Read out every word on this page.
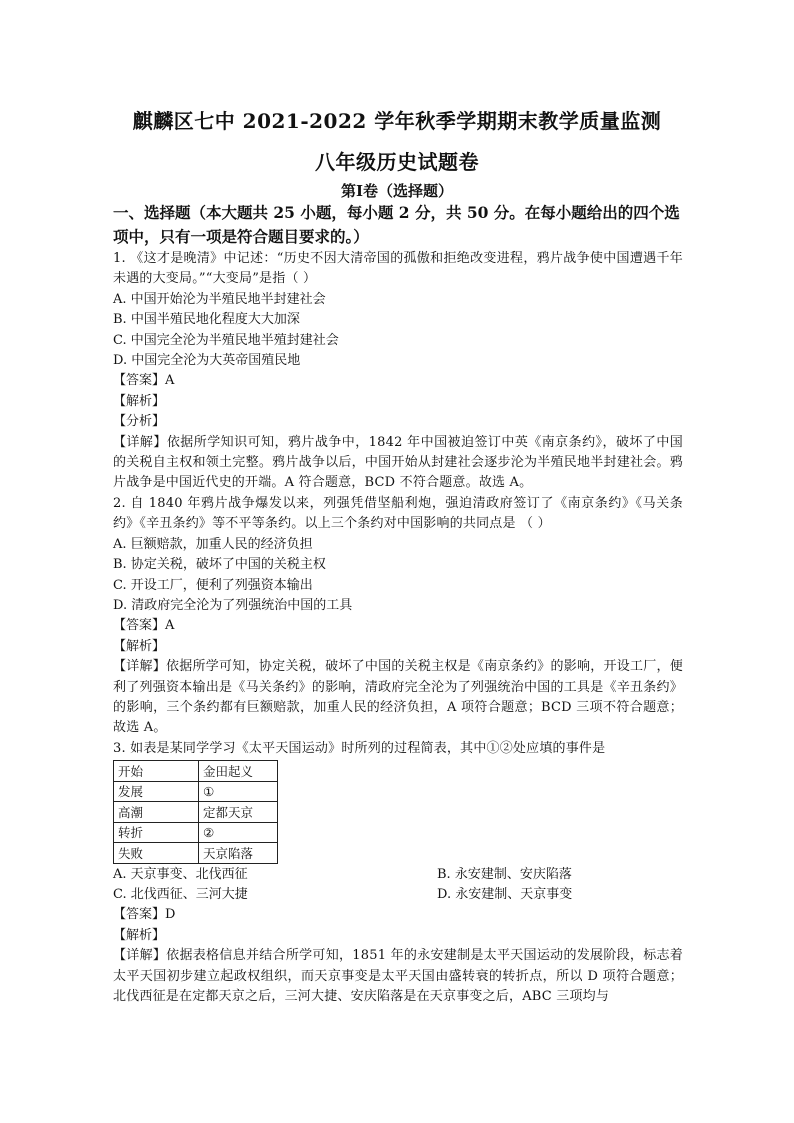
麒麟区七中 2021-2022 学年秋季学期期末教学质量监测
八年级历史试题卷
第Ⅰ卷（选择题）

一、选择题（本大题共 25 小题，每小题 2 分，共 50 分。在每小题给出的四个选项中，只有一项是符合题目要求的。）

1. 《这才是晚清》中记述：“历史不因大清帝国的孤傲和拒绝改变进程，鸦片战争使中国遭遇千年未遇的大变局。”“大变局”是指（ ）

A. 中国开始沦为半殖民地半封建社会

B. 中国半殖民地化程度大大加深

C. 中国完全沦为半殖民地半殖封建社会

D. 中国完全沦为大英帝国殖民地

【答案】A

【解析】

【分析】

【详解】依据所学知识可知，鸦片战争中，1842 年中国被迫签订中英《南京条约》，破坏了中国的关税自主权和领土完整。鸦片战争以后，中国开始从封建社会逐步沦为半殖民地半封建社会。鸦片战争是中国近代史的开端。A 符合题意，BCD 不符合题意。故选 A。

2. 自 1840 年鸦片战争爆发以来，列强凭借坚船利炮，强迫清政府签订了《南京条约》《马关条约》《辛丑条约》等不平等条约。以上三个条约对中国影响的共同点是 （ ）

A. 巨额赔款，加重人民的经济负担

B. 协定关税，破坏了中国的关税主权

C. 开设工厂，便利了列强资本输出

D. 清政府完全沦为了列强统治中国的工具

【答案】A

【解析】

【详解】依据所学可知，协定关税，破坏了中国的关税主权是《南京条约》的影响，开设工厂，便利了列强资本输出是《马关条约》的影响，清政府完全沦为了列强统治中国的工具是《辛丑条约》的影响，三个条约都有巨额赔款，加重人民的经济负担，A 项符合题意；BCD 三项不符合题意；故选 A。

3. 如表是某同学学习《太平天国运动》时所列的过程简表，其中①②处应填的事件是

开始	金田起义
发展	①
高潮	定都天京
转折	②
失败	天京陷落
A. 天京事变、北伐西征	B. 永安建制、安庆陷落
C. 北伐西征、三河大捷	D. 永安建制、天京事变

【答案】D

【解析】

【详解】依据表格信息并结合所学可知，1851 年的永安建制是太平天国运动的发展阶段，标志着太平天国初步建立起政权组织，而天京事变是太平天国由盛转衰的转折点，所以 D 项符合题意；北伐西征是在定都天京之后，三河大捷、安庆陷落是在天京事变之后，ABC 三项均与
